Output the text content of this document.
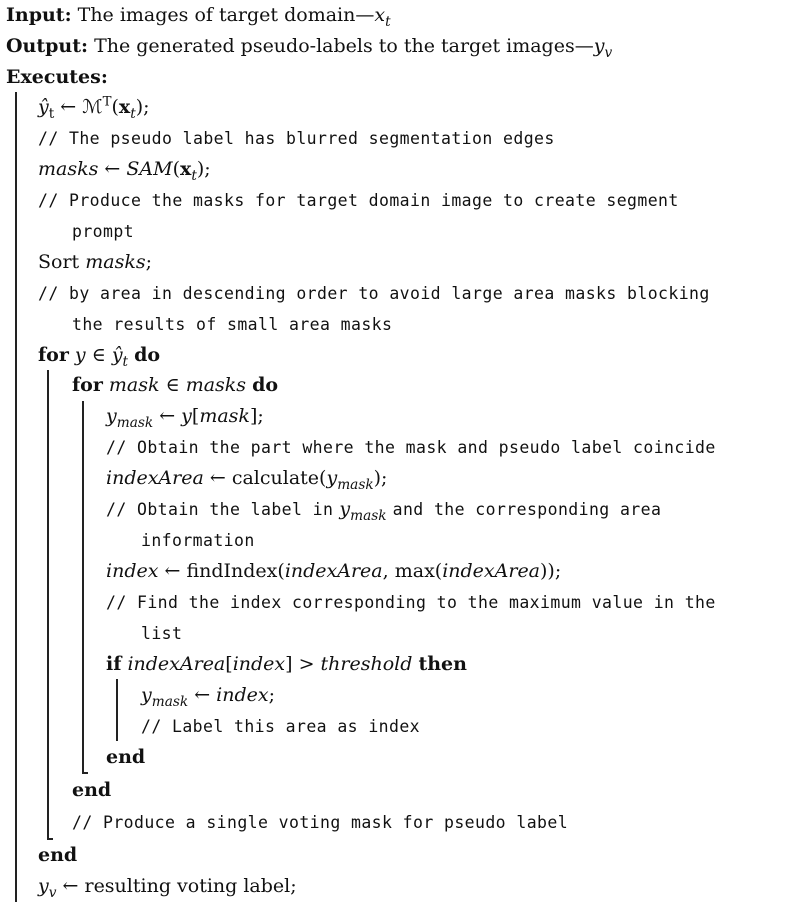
Input: The images of target $domain—x_t$
Output: The generated pseudo-labels to the target $images—y_v$
Executes:
$ŷ_t$ ← $ℳ^T(x_t)$;
// The pseudo label has blurred segmentation edges
masks ← $SAM(x_t)$;
// Produce the masks for target domain image to create segment
prompt
Sort masks;
// by area in descending order to avoid large area masks blocking
the results of small area masks
for y ∈ $ŷ_t$ do
for mask ∈ masks do
$y_{mask}$ ← y[mask];
// Obtain the part where the mask and pseudo label coincide
indexArea ← $calculate(y_{mask})$;
// Obtain the label in $y_{mask}$ and the corresponding area
information
index ← findIndex(indexArea, max(indexArea));
// Find the index corresponding to the maximum value in the
list
if indexArea[index] > threshold then
$y_{mask}$ ← index;
// Label this area as index
end
end
// Produce a single voting mask for pseudo label
end
$y_v$ ← resulting voting label;
